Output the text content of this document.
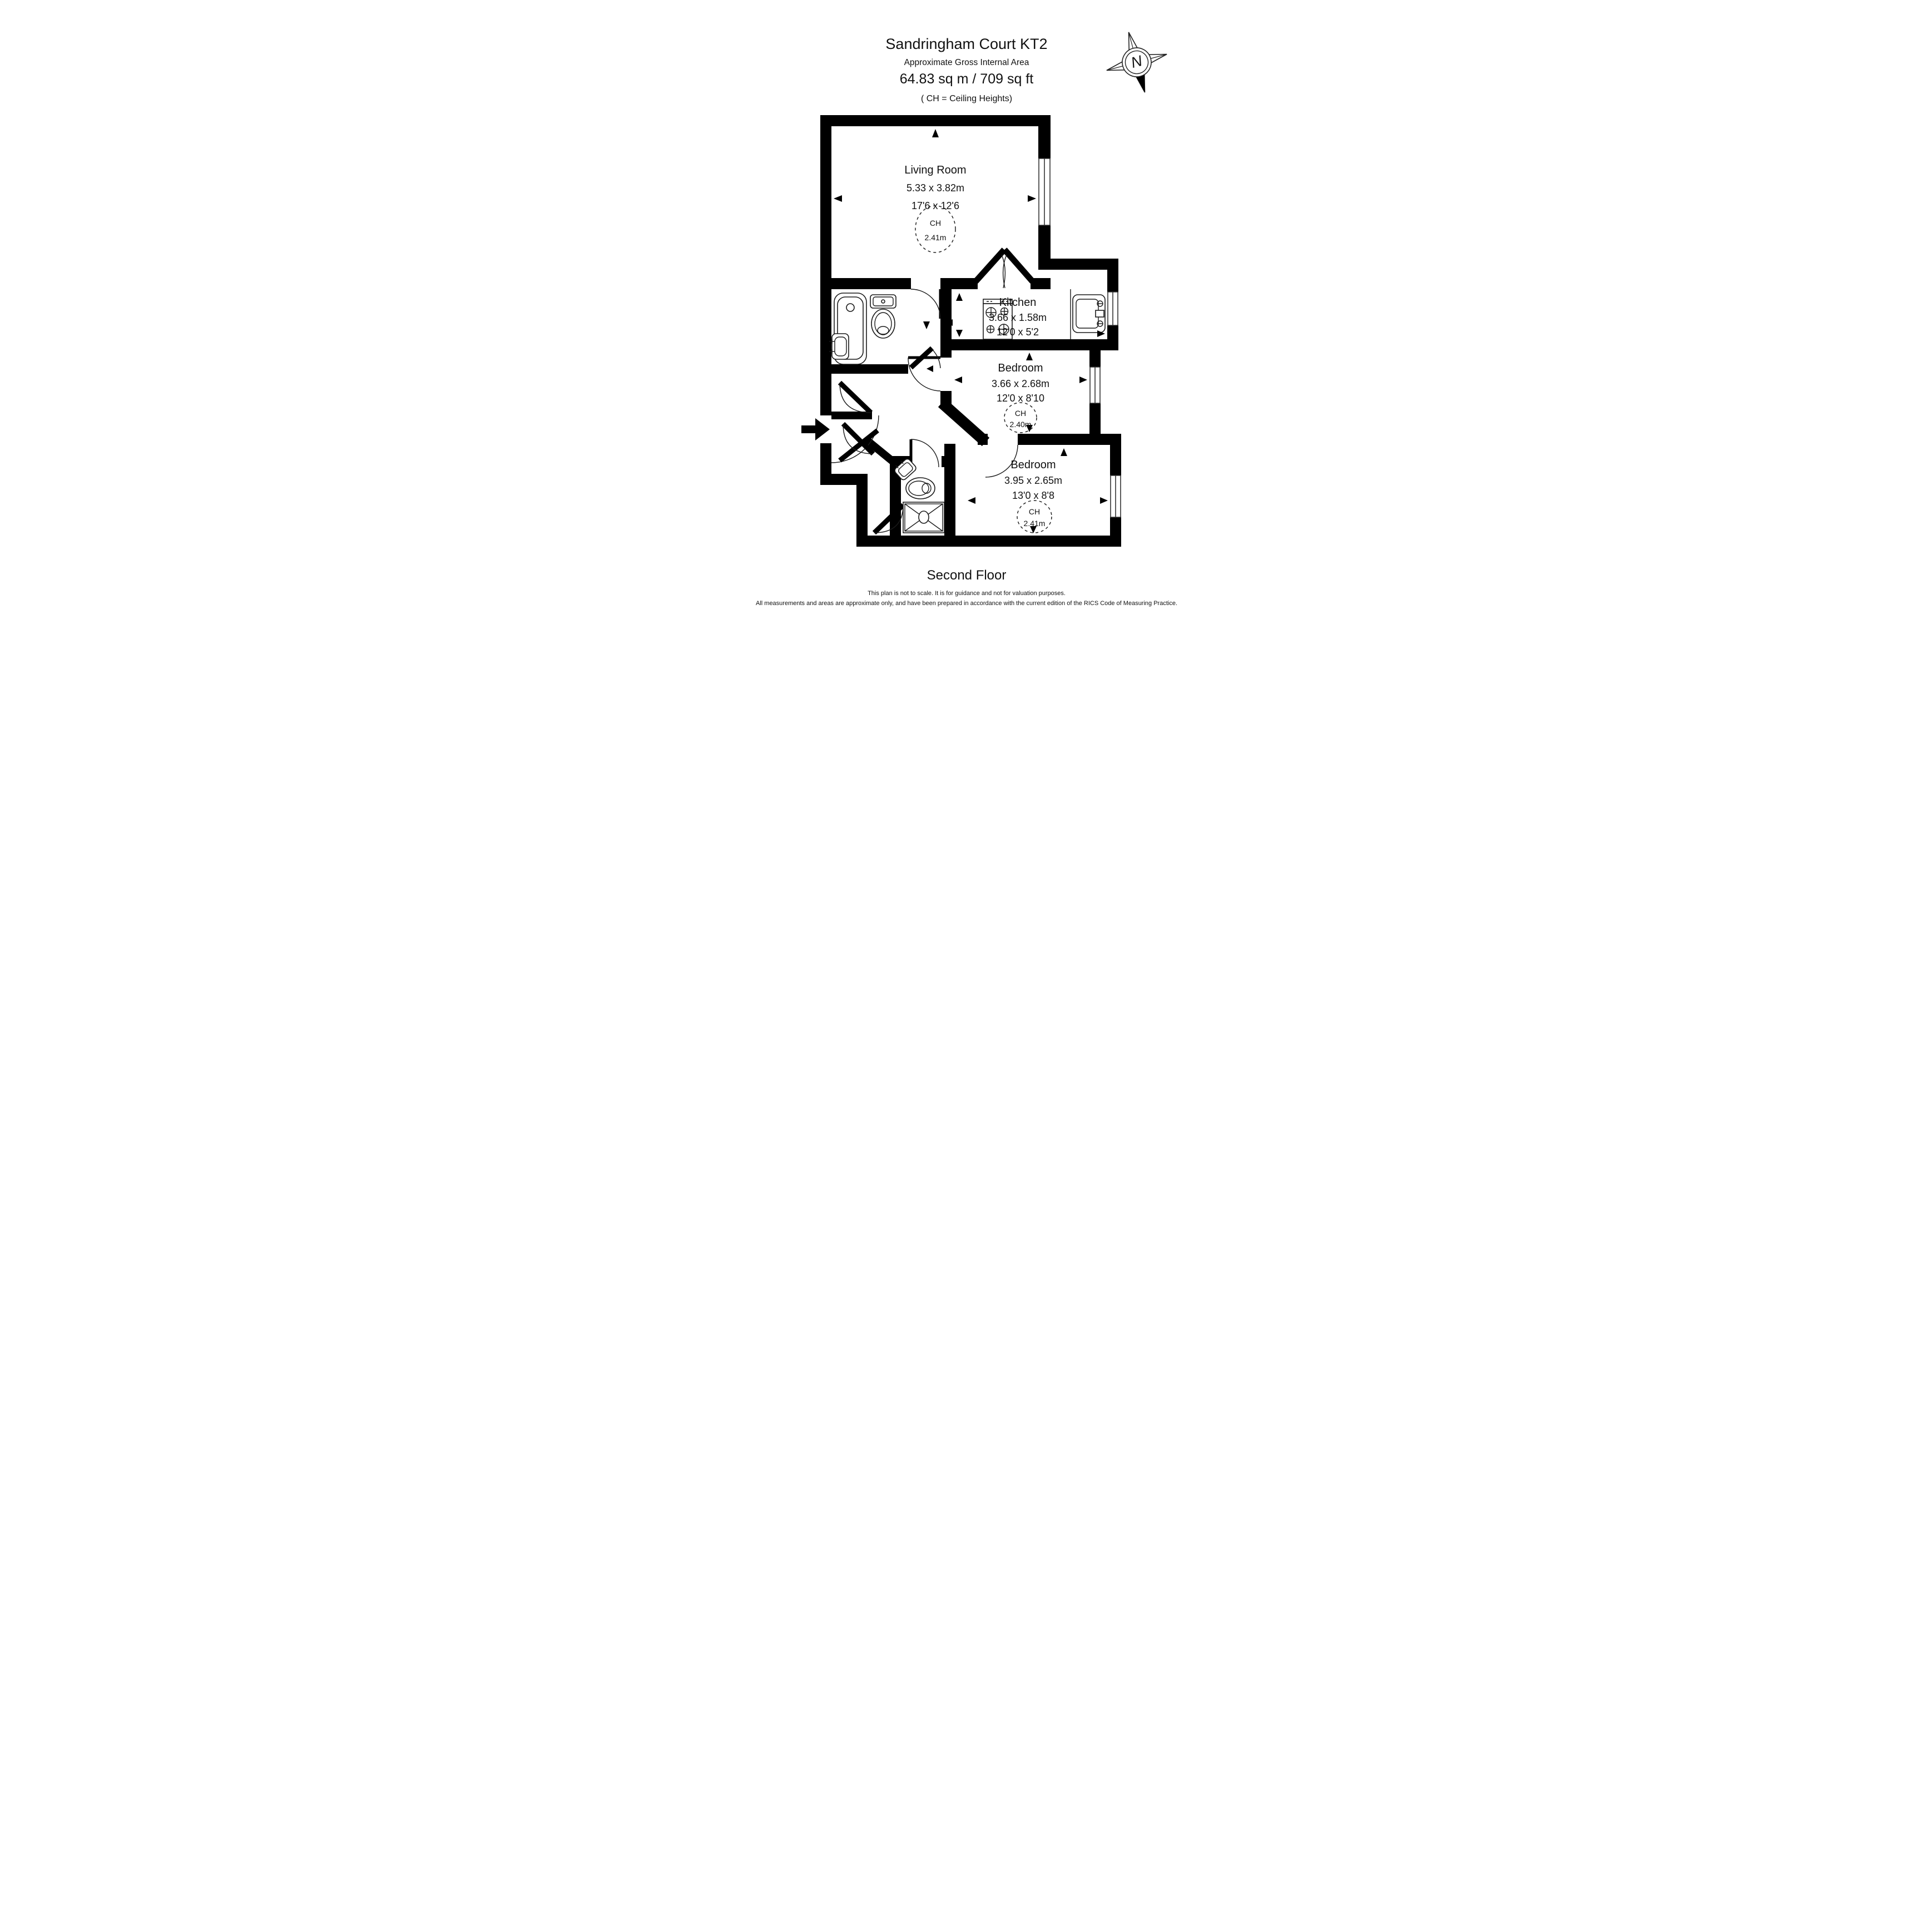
Sandringham Court KT2
Approximate Gross Internal Area
64.83 sq m / 709 sq ft
( CH = Ceiling Heights)
N
Living Room
5.33 x 3.82m
17'6 x 12'6
CH
2.41m
Kitchen
3.66 x 1.58m
12'0 x 5'2
Bedroom
3.66 x 2.68m
12'0 x 8'10
CH
2.40m
Bedroom
3.95 x 2.65m
13'0 x 8'8
CH
2.41m
Second Floor
This plan is not to scale. It is for guidance and not for valuation purposes.
All measurements and areas are approximate only, and have been prepared in accordance with the current edition of the RICS Code of Measuring Practice.
